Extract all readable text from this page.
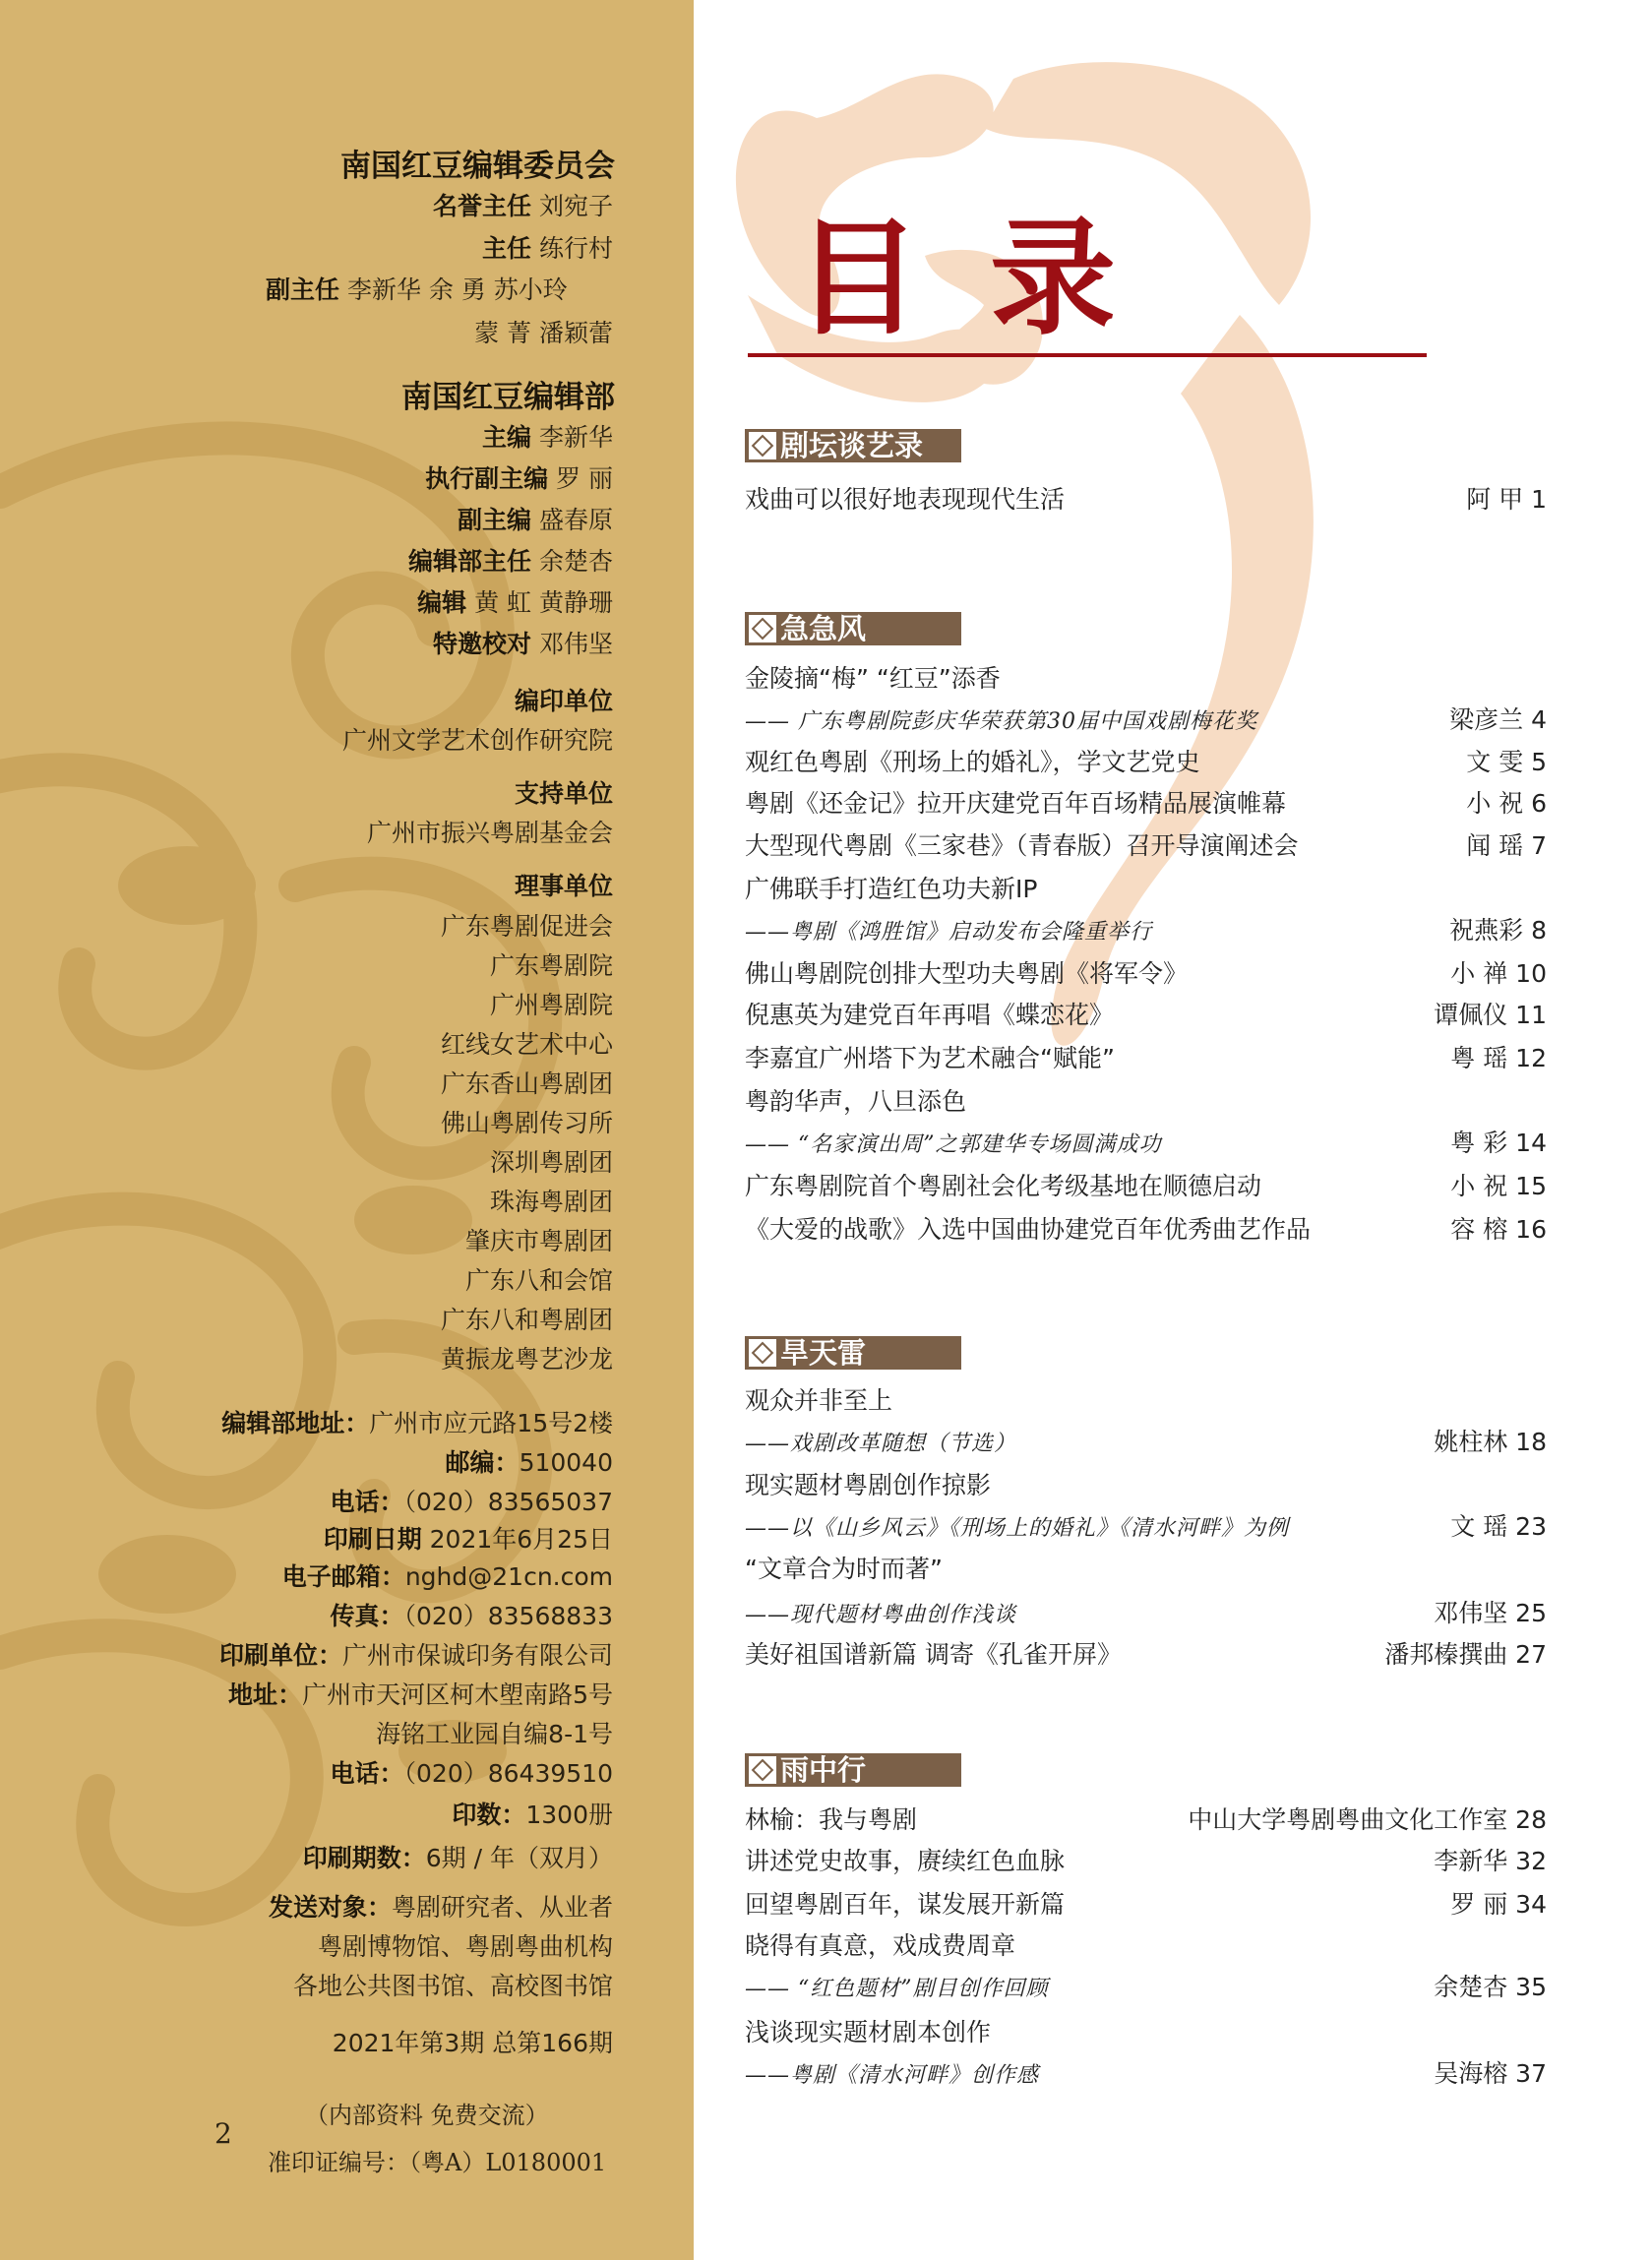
南国红豆编辑委员会
名誉主任 刘宛子
主任 练行村
副主任 李新华 余 勇 苏小玲
蒙 菁 潘颖蕾
南国红豆编辑部
主编 李新华
执行副主编 罗 丽
副主编 盛春原
编辑部主任 余楚杏
编辑 黄 虹 黄静珊
特邀校对 邓伟坚
编印单位
广州文学艺术创作研究院
支持单位
广州市振兴粤剧基金会
理事单位
广东粤剧促进会
广东粤剧院
广州粤剧院
红线女艺术中心
广东香山粤剧团
佛山粤剧传习所
深圳粤剧团
珠海粤剧团
肇庆市粤剧团
广东八和会馆
广东八和粤剧团
黄振龙粤艺沙龙
编辑部地址：广州市应元路15号2楼
邮编：510040
电话：（020）83565037
印刷日期 2021年6月25日
电子邮箱：nghd@21cn.com
传真：（020）83568833
印刷单位：广州市保诚印务有限公司
地址：广州市天河区柯木塱南路5号
海铭工业园自编8-1号
电话：（020）86439510
印数：1300册
印刷期数：6期 / 年（双月）
发送对象：粤剧研究者、从业者
粤剧博物馆、粤剧粤曲机构
各地公共图书馆、高校图书馆
2021年第3期 总第166期
（内部资料 免费交流）
准印证编号：（粤A）L0180001
2
目录
剧坛谈艺录
戏曲可以很好地表现现代生活	阿 甲 1
急急风
金陵摘“梅” “红豆”添香
—— 广东粤剧院彭庆华荣获第30届中国戏剧梅花奖	梁彦兰 4
观红色粤剧《刑场上的婚礼》，学文艺党史	文 雯 5
粤剧《还金记》拉开庆建党百年百场精品展演帷幕	小 祝 6
大型现代粤剧《三家巷》（青春版）召开导演阐述会	闻 瑶 7
广佛联手打造红色功夫新IP
——粤剧《鸿胜馆》启动发布会隆重举行	祝燕彩 8
佛山粤剧院创排大型功夫粤剧《将军令》	小 禅 10
倪惠英为建党百年再唱《蝶恋花》	谭佩仪 11
李嘉宜广州塔下为艺术融合“赋能”	粤 瑶 12
粤韵华声，八旦添色
—— “名家演出周”之郭建华专场圆满成功	粤 彩 14
广东粤剧院首个粤剧社会化考级基地在顺德启动	小 祝 15
《大爱的战歌》入选中国曲协建党百年优秀曲艺作品	容 榕 16
旱天雷
观众并非至上
——戏剧改革随想（节选）	姚柱林 18
现实题材粤剧创作掠影
——以《山乡风云》《刑场上的婚礼》《清水河畔》为例	文 瑶 23
“文章合为时而著”
——现代题材粤曲创作浅谈	邓伟坚 25
美好祖国谱新篇 调寄《孔雀开屏》	潘邦榛撰曲 27
雨中行
林榆：我与粤剧	中山大学粤剧粤曲文化工作室 28
讲述党史故事，赓续红色血脉	李新华 32
回望粤剧百年，谋发展开新篇	罗 丽 34
晓得有真意，戏成费周章
—— “红色题材”剧目创作回顾	余楚杏 35
浅谈现实题材剧本创作
——粤剧《清水河畔》创作感	吴海榕 37
